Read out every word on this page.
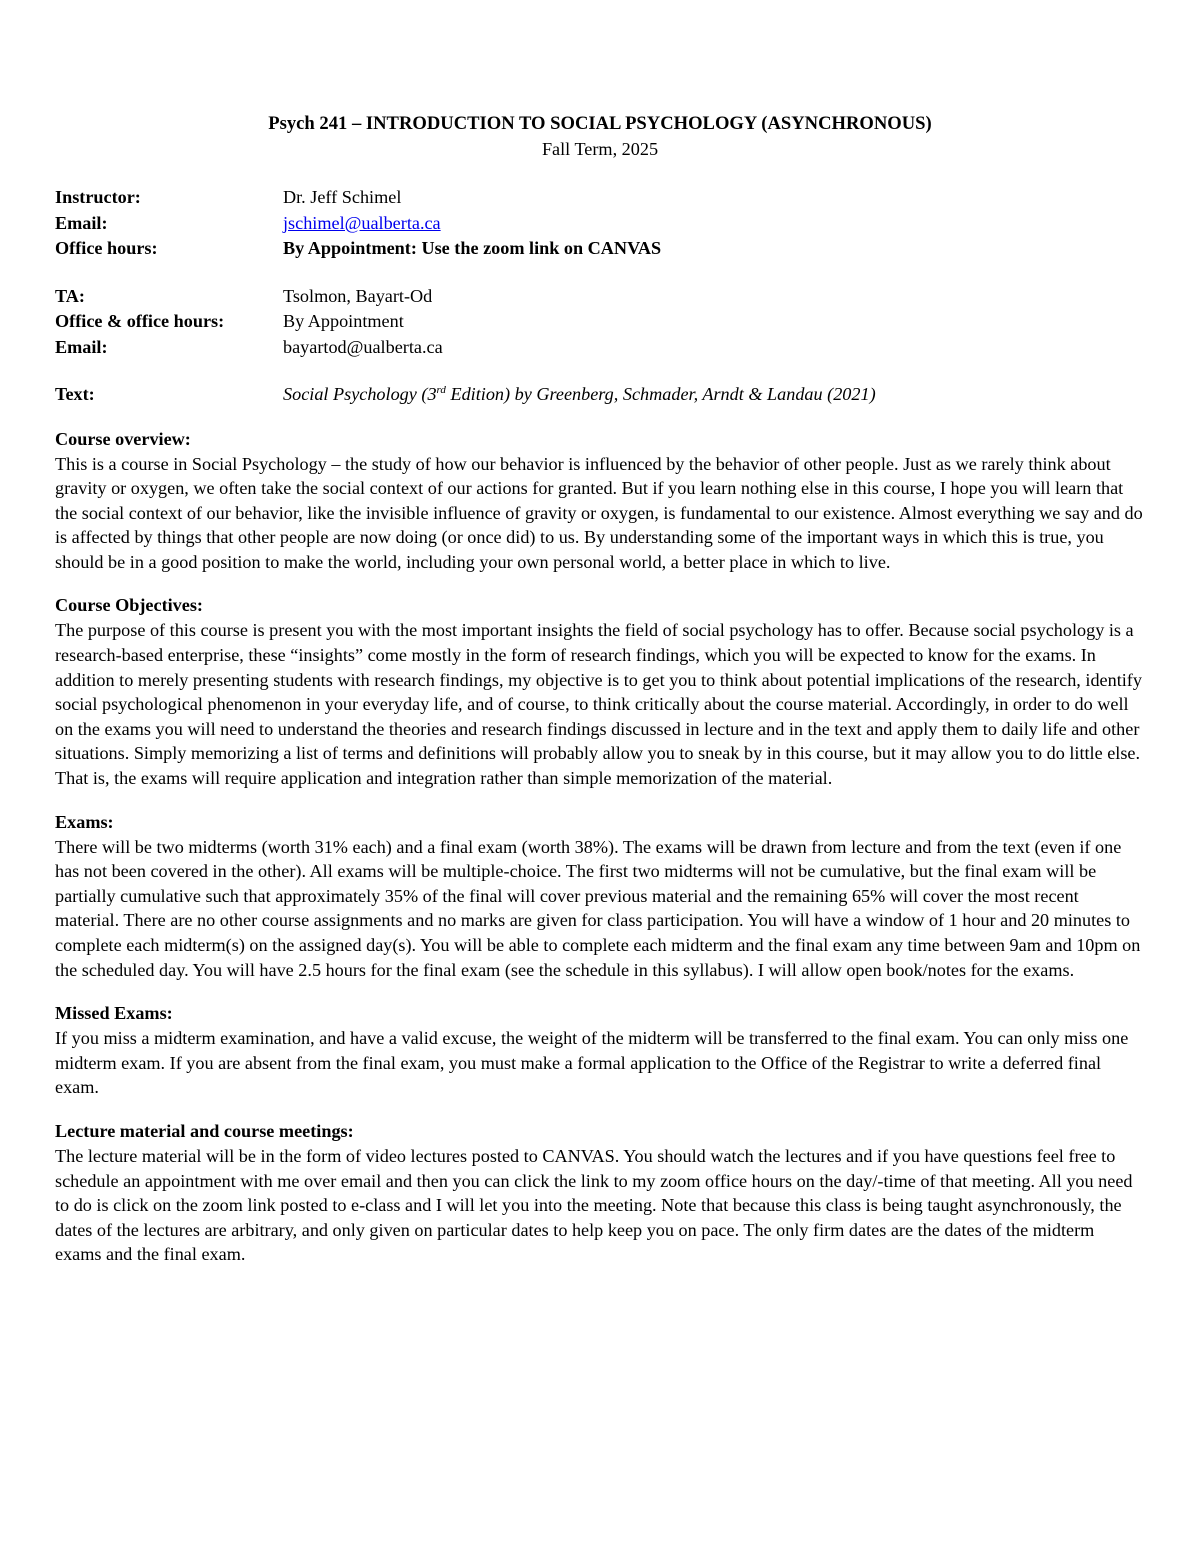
Psych 241 – INTRODUCTION TO SOCIAL PSYCHOLOGY (ASYNCHRONOUS)
Fall Term, 2025
Instructor:	Dr. Jeff Schimel
Email:	jschimel@ualberta.ca
Office hours:	By Appointment: Use the zoom link on CANVAS
TA:	Tsolmon, Bayart-Od
Office & office hours:	By Appointment
Email:	bayartod@ualberta.ca
Text:	Social Psychology (3rd Edition) by Greenberg, Schmader, Arndt & Landau (2021)
Course overview:

This is a course in Social Psychology – the study of how our behavior is influenced by the behavior of other people. Just as we rarely think about gravity or oxygen, we often take the social context of our actions for granted. But if you learn nothing else in this course, I hope you will learn that the social context of our behavior, like the invisible influence of gravity or oxygen, is fundamental to our existence. Almost everything we say and do is affected by things that other people are now doing (or once did) to us. By understanding some of the important ways in which this is true, you should be in a good position to make the world, including your own personal world, a better place in which to live.

Course Objectives:

The purpose of this course is present you with the most important insights the field of social psychology has to offer. Because social psychology is a research-based enterprise, these “insights” come mostly in the form of research findings, which you will be expected to know for the exams. In addition to merely presenting students with research findings, my objective is to get you to think about potential implications of the research, identify social psychological phenomenon in your everyday life, and of course, to think critically about the course material. Accordingly, in order to do well on the exams you will need to understand the theories and research findings discussed in lecture and in the text and apply them to daily life and other situations. Simply memorizing a list of terms and definitions will probably allow you to sneak by in this course, but it may allow you to do little else. That is, the exams will require application and integration rather than simple memorization of the material.

Exams:

There will be two midterms (worth 31% each) and a final exam (worth 38%). The exams will be drawn from lecture and from the text (even if one has not been covered in the other). All exams will be multiple-choice. The first two midterms will not be cumulative, but the final exam will be partially cumulative such that approximately 35% of the final will cover previous material and the remaining 65% will cover the most recent material. There are no other course assignments and no marks are given for class participation. You will have a window of 1 hour and 20 minutes to complete each midterm(s) on the assigned day(s). You will be able to complete each midterm and the final exam any time between 9am and 10pm on the scheduled day. You will have 2.5 hours for the final exam (see the schedule in this syllabus). I will allow open book/notes for the exams.

Missed Exams:

If you miss a midterm examination, and have a valid excuse, the weight of the midterm will be transferred to the final exam. You can only miss one midterm exam. If you are absent from the final exam, you must make a formal application to the Office of the Registrar to write a deferred final exam.

Lecture material and course meetings:

The lecture material will be in the form of video lectures posted to CANVAS. You should watch the lectures and if you have questions feel free to schedule an appointment with me over email and then you can click the link to my zoom office hours on the day/-time of that meeting. All you need to do is click on the zoom link posted to e-class and I will let you into the meeting. Note that because this class is being taught asynchronously, the dates of the lectures are arbitrary, and only given on particular dates to help keep you on pace. The only firm dates are the dates of the midterm exams and the final exam.
